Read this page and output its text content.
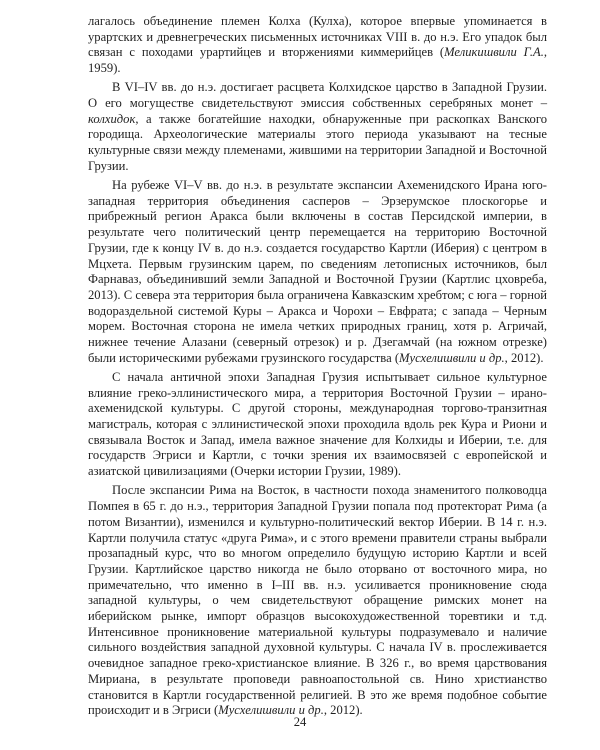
лагалось объединение племен Колха (Кулха), которое впервые упоминается в урартских и древнегреческих письменных источниках VIII в. до н.э. Его упадок был связан с походами урартийцев и вторжениями киммерийцев (Меликишвили Г.А., 1959).

В VI–IV вв. до н.э. достигает расцвета Колхидское царство в Западной Грузии. О его могуществе свидетельствуют эмиссия собственных серебряных монет – колхидок, а также богатейшие находки, обнаруженные при раскопках Ванского городища. Археологические материалы этого периода указывают на тесные культурные связи между племенами, жившими на территории Западной и Восточной Грузии.

На рубеже VI–V вв. до н.э. в результате экспансии Ахеменидского Ирана юго-западная территория объединения сасперов – Эрзерумское плоскогорье и прибрежный регион Аракса были включены в состав Персидской империи, в результате чего политический центр перемещается на территорию Восточной Грузии, где к концу IV в. до н.э. создается государство Картли (Иберия) с центром в Мцхета. Первым грузинским царем, по сведениям летописных источников, был Фарнаваз, объединивший земли Западной и Восточной Грузии (Картлис цховреба, 2013). С севера эта территория была ограничена Кавказским хребтом; с юга – горной водораздельной системой Куры – Аракса и Чорохи – Евфрата; с запада – Черным морем. Восточная сторона не имела четких природных границ, хотя р. Агричай, нижнее течение Алазани (северный отрезок) и р. Дзегамчай (на южном отрезке) были историческими рубежами грузинского государства (Мусхелишвили и др., 2012).

С начала античной эпохи Западная Грузия испытывает сильное культурное влияние греко-эллинистического мира, а территория Восточной Грузии – ирано-ахеменидской культуры. С другой стороны, международная торгово-транзитная магистраль, которая с эллинистической эпохи проходила вдоль рек Кура и Риони и связывала Восток и Запад, имела важное значение для Колхиды и Иберии, т.е. для государств Эгриси и Картли, с точки зрения их взаимосвязей с европейской и азиатской цивилизациями (Очерки истории Грузии, 1989).

После экспансии Рима на Восток, в частности похода знаменитого полководца Помпея в 65 г. до н.э., территория Западной Грузии попала под протекторат Рима (а потом Византии), изменился и культурно-политический вектор Иберии. В 14 г. н.э. Картли получила статус «друга Рима», и с этого времени правители страны выбрали прозападный курс, что во многом определило будущую историю Картли и всей Грузии. Картлийское царство никогда не было оторвано от восточного мира, но примечательно, что именно в I–III вв. н.э. усиливается проникновение сюда западной культуры, о чем свидетельствуют обращение римских монет на иберийском рынке, импорт образцов высокохудожественной торевтики и т.д. Интенсивное проникновение материальной культуры подразумевало и наличие сильного воздействия западной духовной культуры. С начала IV в. прослеживается очевидное западное греко-христианское влияние. В 326 г., во время царствования Мириана, в результате проповеди равноапостольной св. Нино христианство становится в Картли государственной религией. В это же время подобное событие происходит и в Эгриси (Мусхелишвили и др., 2012).

24
